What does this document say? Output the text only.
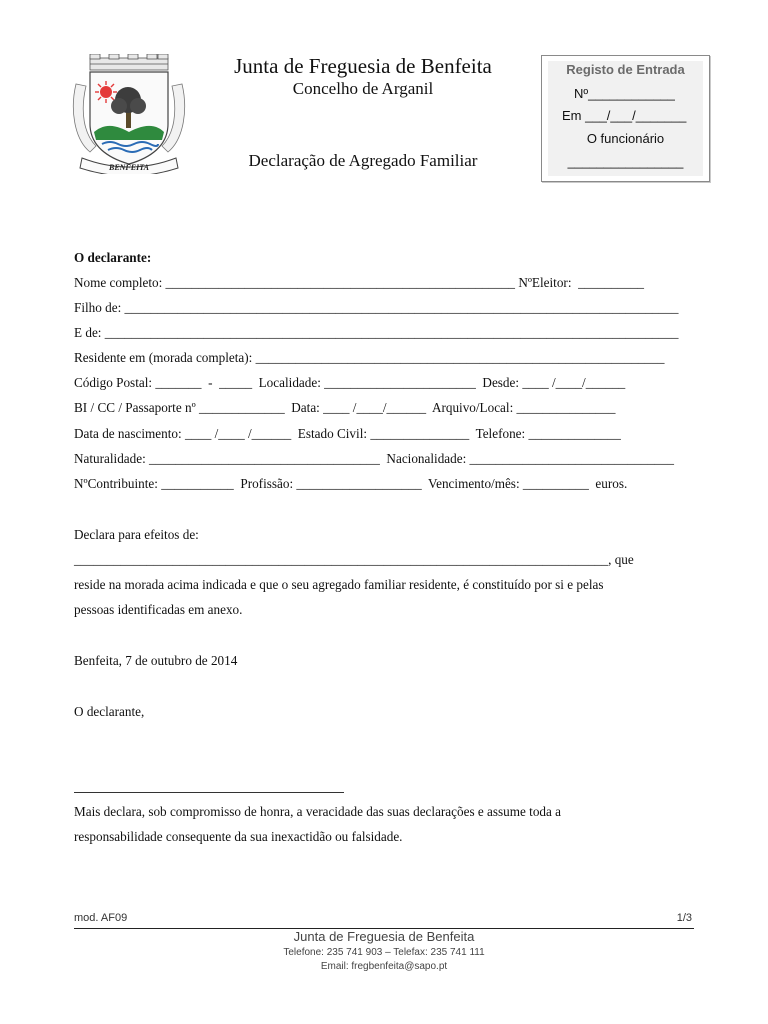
BENFEITA
Junta de Freguesia de Benfeita
Concelho de Arganil
Declaração de Agregado Familiar
Registo de Entrada
Nº____________
Em ___/___/_______
O funcionário
________________
O declarante:
Nome completo: _____________________________________________________ NºEleitor:  __________
Filho de: ____________________________________________________________________________________
E de: _______________________________________________________________________________________
Residente em (morada completa): ______________________________________________________________
Código Postal: _______  -  _____  Localidade: _______________________  Desde: ____ /____/______
BI / CC / Passaporte nº _____________  Data: ____ /____/______  Arquivo/Local: _______________
Data de nascimento: ____ /____ /______  Estado Civil: _______________  Telefone: ______________
Naturalidade: ___________________________________  Nacionalidade: _______________________________
NºContribuinte: ___________  Profissão: ___________________  Vencimento/mês: __________  euros.
Declara para efeitos de:
_________________________________________________________________________________, que
reside na morada acima indicada e que o seu agregado familiar residente, é constituído por si e pelas
pessoas identificadas em anexo.
Benfeita, 7 de outubro de 2014
O declarante,
Mais declara, sob compromisso de honra, a veracidade das suas declarações e assume toda a
responsabilidade consequente da sua inexactidão ou falsidade.
mod. AF09	1/3
Junta de Freguesia de Benfeita
Telefone: 235 741 903 – Telefax: 235 741 111
Email: fregbenfeita@sapo.pt
